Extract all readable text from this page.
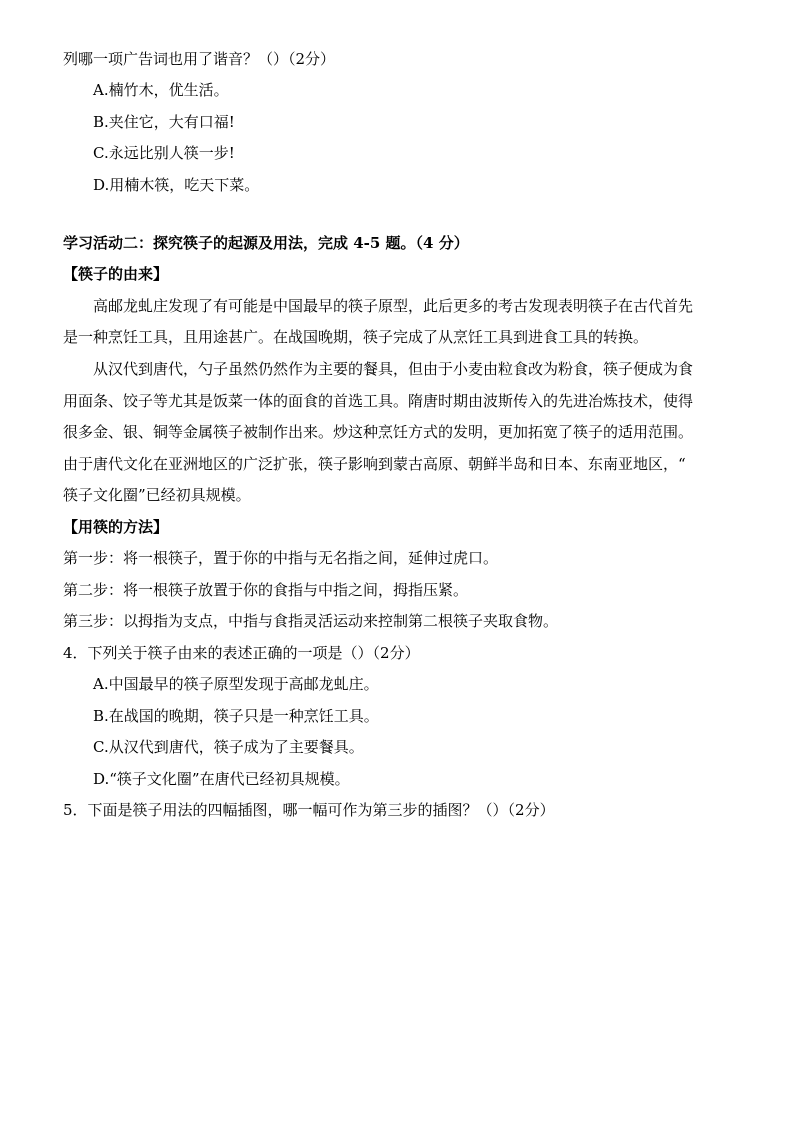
列哪一项广告词也用了谐音？（）（2分）
A.楠竹木，优生活。
B.夹住它，大有口福!
C.永远比别人筷一步!
D.用楠木筷，吃天下菜。
学习活动二：探究筷子的起源及用法，完成 4-5 题。（4 分）
【筷子的由来】
高邮龙虬庄发现了有可能是中国最早的筷子原型，此后更多的考古发现表明筷子在古代首先
是一种烹饪工具，且用途甚广。在战国晚期，筷子完成了从烹饪工具到进食工具的转换。
从汉代到唐代，勺子虽然仍然作为主要的餐具，但由于小麦由粒食改为粉食，筷子便成为食
用面条、饺子等尤其是饭菜一体的面食的首选工具。隋唐时期由波斯传入的先进冶炼技术，使得
很多金、银、铜等金属筷子被制作出来。炒这种烹饪方式的发明，更加拓宽了筷子的适用范围。
由于唐代文化在亚洲地区的广泛扩张，筷子影响到蒙古高原、朝鲜半岛和日本、东南亚地区，“
筷子文化圈”已经初具规模。
【用筷的方法】
第一步：将一根筷子，置于你的中指与无名指之间，延伸过虎口。
第二步：将一根筷子放置于你的食指与中指之间，拇指压紧。
第三步：以拇指为支点，中指与食指灵活运动来控制第二根筷子夹取食物。
4．下列关于筷子由来的表述正确的一项是（）（2分）
A.中国最早的筷子原型发现于高邮龙虬庄。
B.在战国的晚期，筷子只是一种烹饪工具。
C.从汉代到唐代，筷子成为了主要餐具。
D.“筷子文化圈”在唐代已经初具规模。
5．下面是筷子用法的四幅插图，哪一幅可作为第三步的插图？（）（2分）
